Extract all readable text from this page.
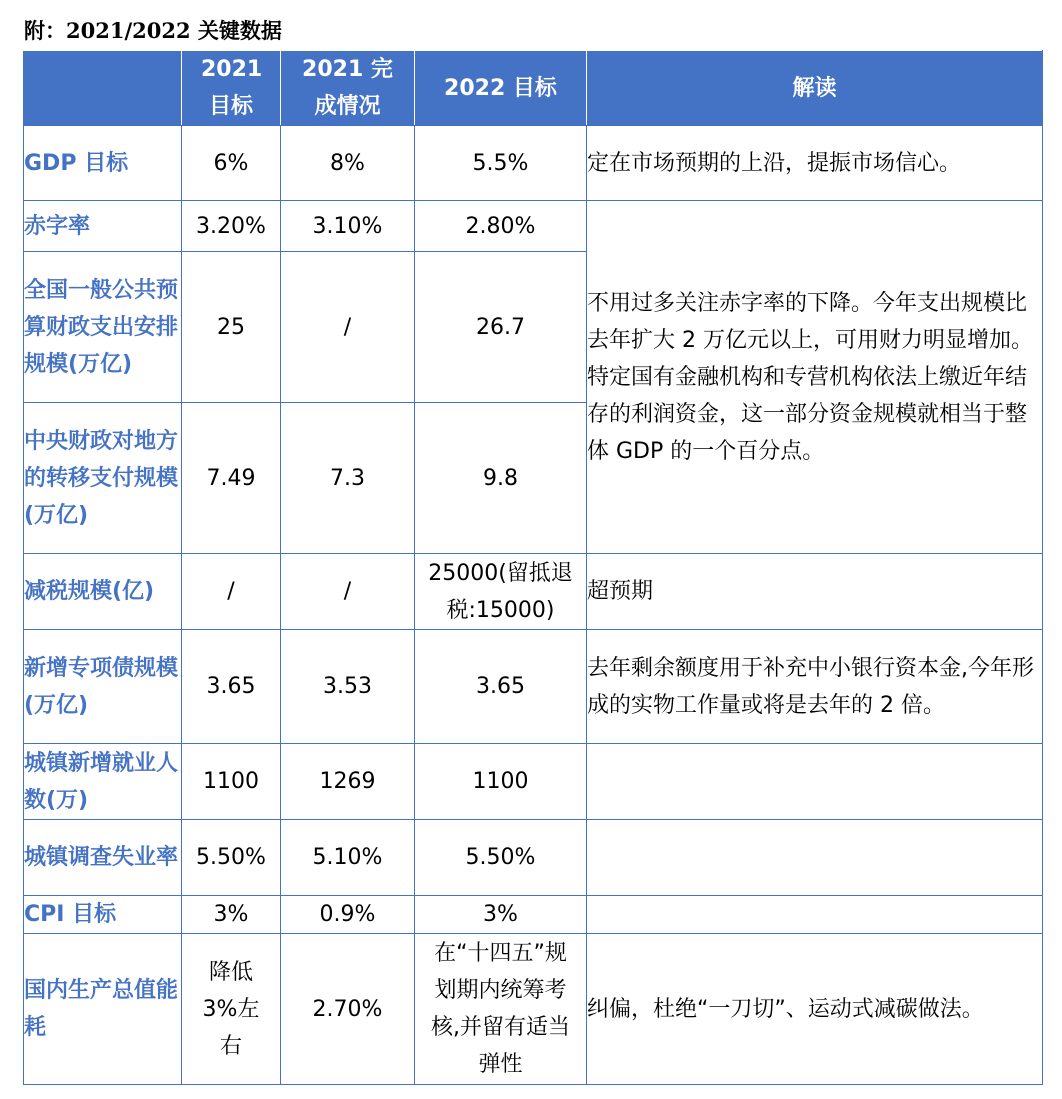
附：2021/2022 关键数据
	2021 目标	2021 完成情况	2022 目标	解读
GDP 目标	6%	8%	5.5%	定在市场预期的上沿，提振市场信心。
赤字率	3.20%	3.10%	2.80%	不用过多关注赤字率的下降。今年支出规模比去年扩大 2 万亿元以上，可用财力明显增加。特定国有金融机构和专营机构依法上缴近年结存的利润资金，这一部分资金规模就相当于整体 GDP 的一个百分点。
全国一般公共预算财政支出安排规模(万亿)	25	/	26.7	
中央财政对地方的转移支付规模(万亿)	7.49	7.3	9.8	
减税规模(亿)	/	/	25000(留抵退税:15000)	超预期
新增专项债规模(万亿)	3.65	3.53	3.65	去年剩余额度用于补充中小银行资本金,今年形成的实物工作量或将是去年的 2 倍。
城镇新增就业人数(万)	1100	1269	1100	
城镇调查失业率	5.50%	5.10%	5.50%	
CPI 目标	3%	0.9%	3%	
国内生产总值能耗	降低3%左右	2.70%	在“十四五”规划期内统筹考核,并留有适当弹性	纠偏，杜绝“一刀切”、运动式减碳做法。
